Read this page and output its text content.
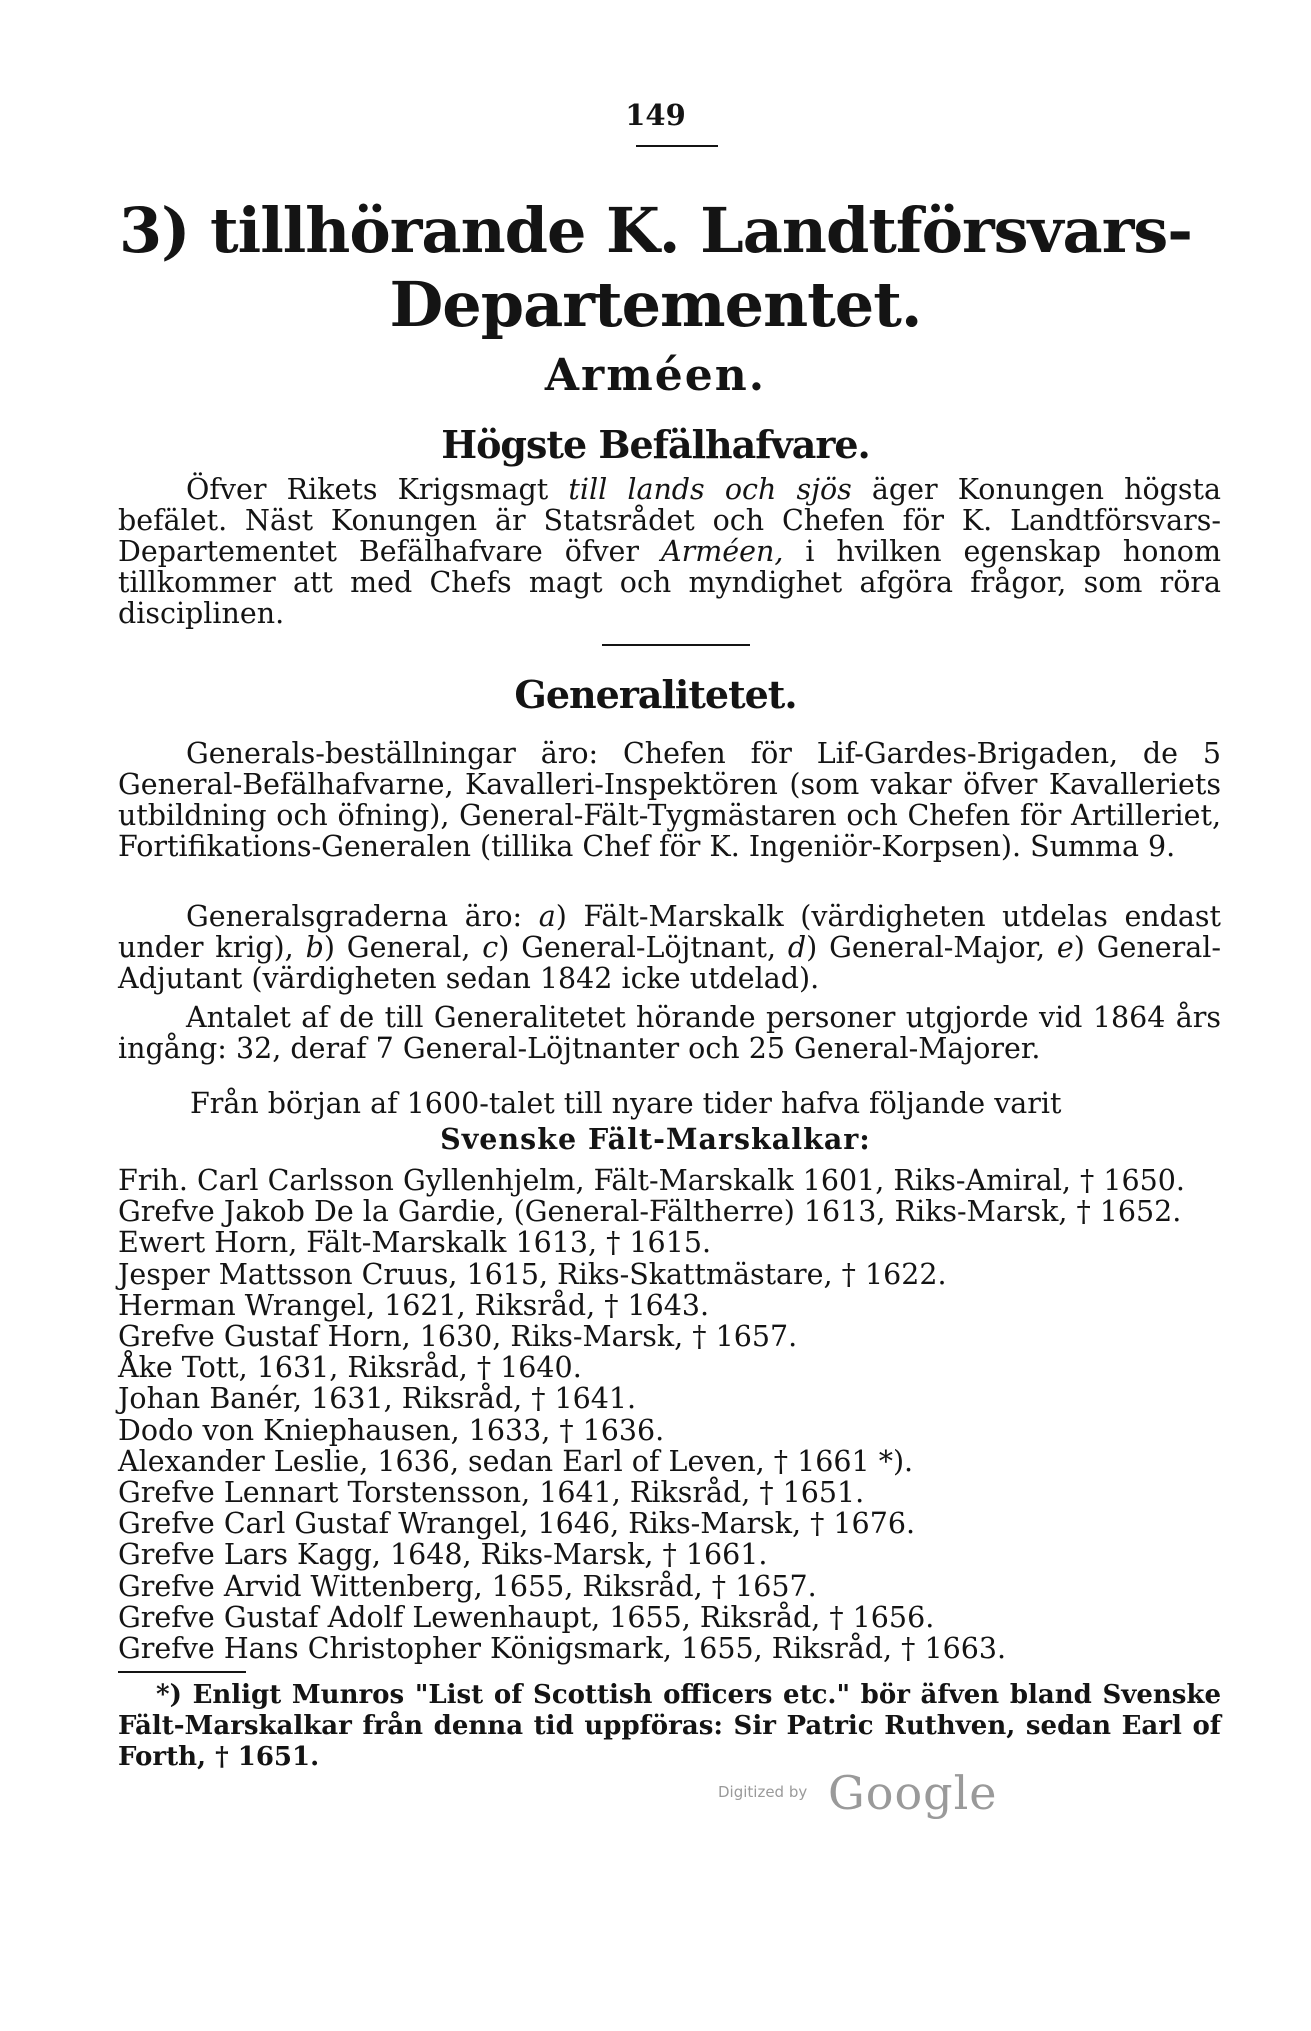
149
3) tillhörande K. Landtförsvars-
Departementet.
Arméen.
Högste Befälhafvare.

Öfver Rikets Krigsmagt till lands och sjös äger Konungen högsta befälet. Näst Konungen är Statsrådet och Chefen för K. Landtförsvars-Departementet Befälhafvare öfver Arméen, i hvilken egenskap honom tillkommer att med Chefs magt och myndighet afgöra frågor, som röra disciplinen.

Generalitetet.

Generals-beställningar äro: Chefen för Lif-Gardes-Brigaden, de 5 General-Befälhafvarne, Kavalleri-Inspektören (som vakar öfver Kavalleriets utbildning och öfning), General-Fält-Tygmästaren och Chefen för Artilleriet, Fortifikations-Generalen (tillika Chef för K. Ingeniör-Korpsen). Summa 9.

Generalsgraderna äro: a) Fält-Marskalk (värdigheten utdelas endast under krig), b) General, c) General-Löjtnant, d) General-Major, e) General-Adjutant (värdigheten sedan 1842 icke utdelad).

Antalet af de till Generalitetet hörande personer utgjorde vid 1864 års ingång: 32, deraf 7 General-Löjtnanter och 25 General-Majorer.

Från början af 1600-talet till nyare tider hafva följande varit
Svenske Fält-Marskalkar:
Frih. Carl Carlsson Gyllenhjelm, Fält-Marskalk 1601, Riks-Amiral, † 1650.
Grefve Jakob De la Gardie, (General-Fältherre) 1613, Riks-Marsk, † 1652.
Ewert Horn, Fält-Marskalk 1613, † 1615.
Jesper Mattsson Cruus, 1615, Riks-Skattmästare, † 1622.
Herman Wrangel, 1621, Riksråd, † 1643.
Grefve Gustaf Horn, 1630, Riks-Marsk, † 1657.
Åke Tott, 1631, Riksråd, † 1640.
Johan Banér, 1631, Riksråd, † 1641.
Dodo von Kniephausen, 1633, † 1636.
Alexander Leslie, 1636, sedan Earl of Leven, † 1661 *).
Grefve Lennart Torstensson, 1641, Riksråd, † 1651.
Grefve Carl Gustaf Wrangel, 1646, Riks-Marsk, † 1676.
Grefve Lars Kagg, 1648, Riks-Marsk, † 1661.
Grefve Arvid Wittenberg, 1655, Riksråd, † 1657.
Grefve Gustaf Adolf Lewenhaupt, 1655, Riksråd, † 1656.
Grefve Hans Christopher Königsmark, 1655, Riksråd, † 1663.

*) Enligt Munros "List of Scottish officers etc." bör äfven bland Svenske Fält-Marskalkar från denna tid uppföras: Sir Patric Ruthven, sedan Earl of Forth, † 1651.

Digitized by Google
